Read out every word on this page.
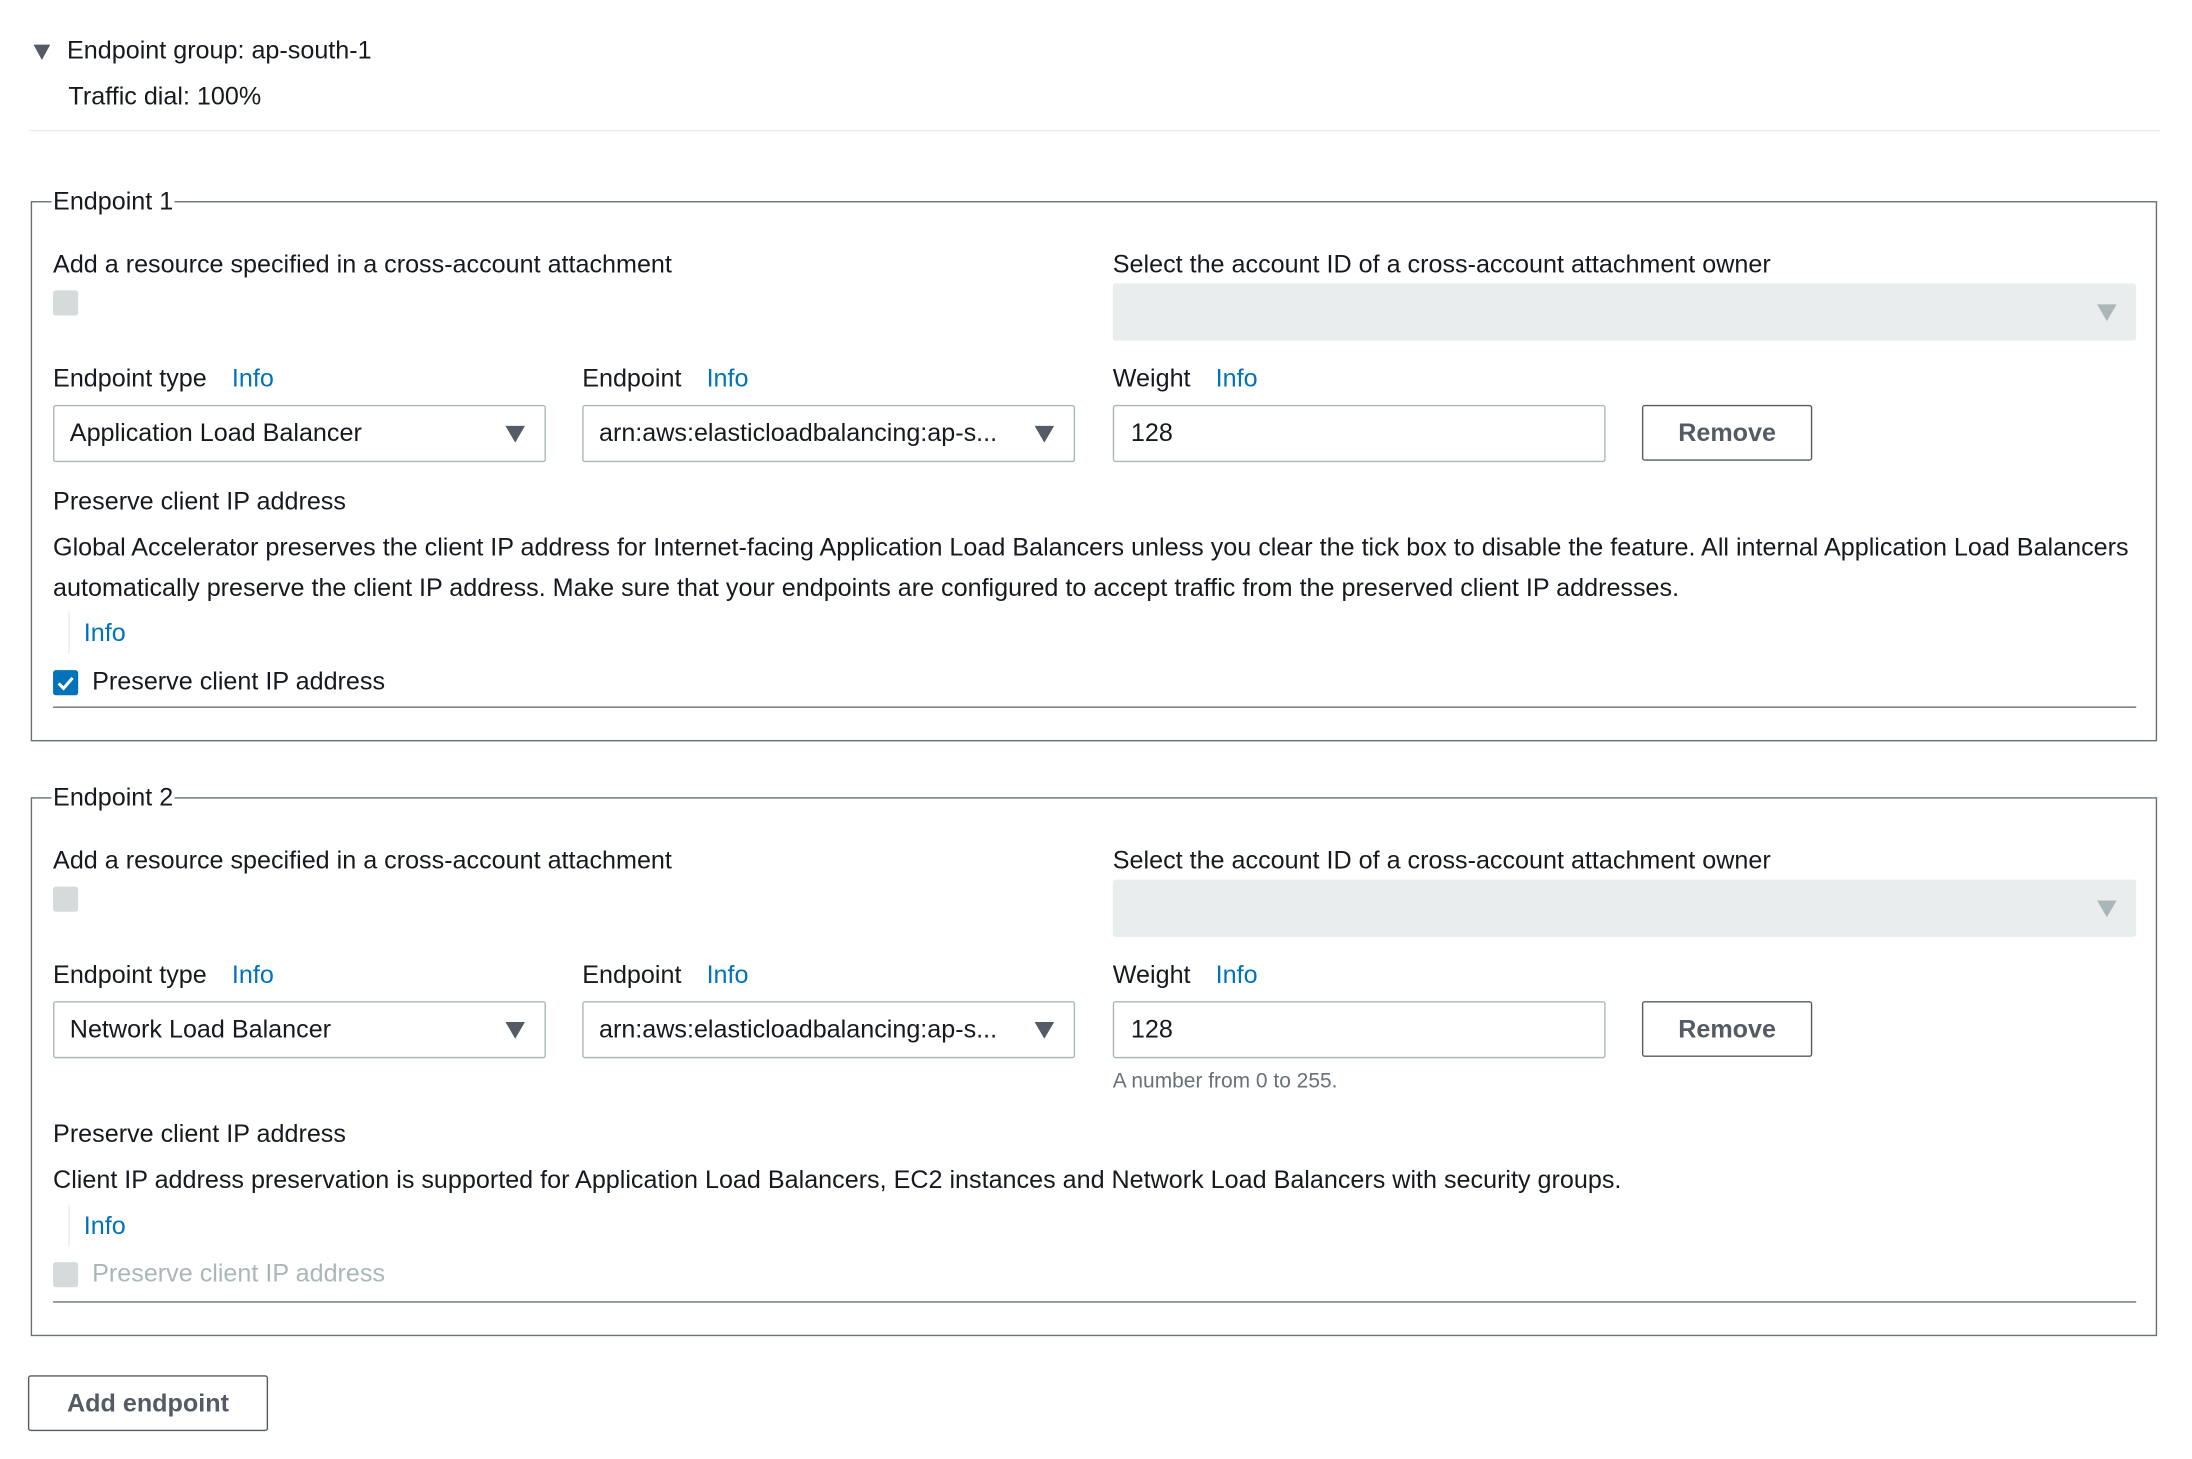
Endpoint group: ap-south-1
Traffic dial: 100%
Endpoint 1
Add a resource specified in a cross-account attachment	Select the account ID of a cross-account attachment owner
Endpoint type Info
Application Load Balancer
Endpoint Info
arn:aws:elasticloadbalancing:ap-s...
Weight Info
128
Remove
Preserve client IP address
Global Accelerator preserves the client IP address for Internet-facing Application Load Balancers unless you clear the tick box to disable the feature. All internal Application Load Balancers automatically preserve the client IP address. Make sure that your endpoints are configured to accept traffic from the preserved client IP addresses.
Info
Preserve client IP address
Endpoint 2
Add a resource specified in a cross-account attachment	Select the account ID of a cross-account attachment owner
Endpoint type Info
Network Load Balancer
Endpoint Info
arn:aws:elasticloadbalancing:ap-s...
Weight Info
128
Remove
A number from 0 to 255.
Preserve client IP address
Client IP address preservation is supported for Application Load Balancers, EC2 instances and Network Load Balancers with security groups.
Info
Preserve client IP address
Add endpoint
